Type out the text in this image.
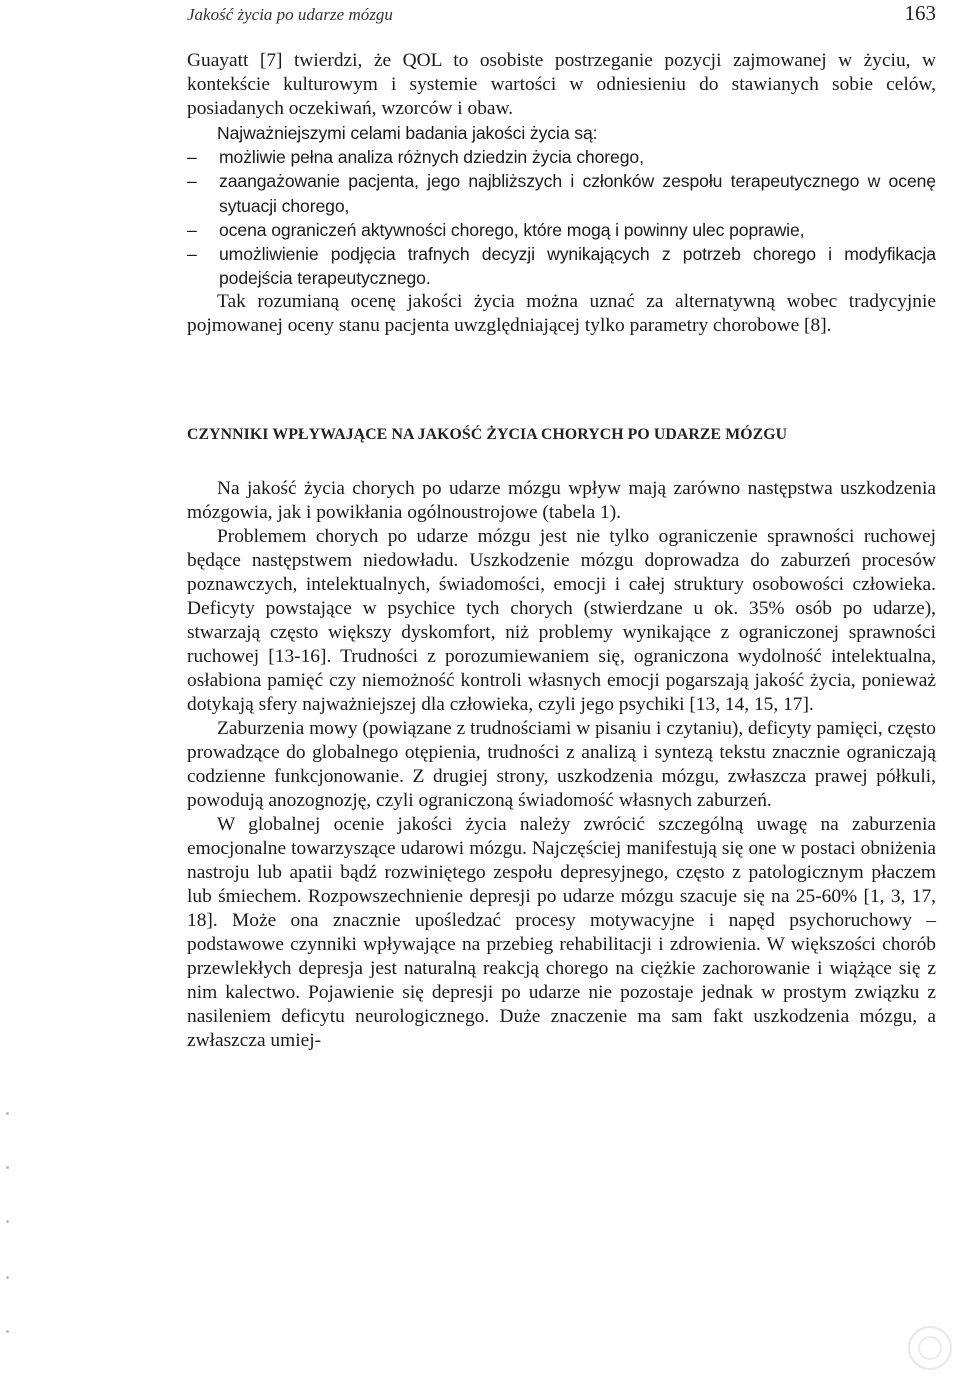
Jakość życia po udarze mózgu	163

Guayatt [7] twierdzi, że QOL to osobiste postrzeganie pozycji zajmowanej w życiu, w kontekście kulturowym i systemie wartości w odniesieniu do stawianych sobie celów, posiadanych oczekiwań, wzorców i obaw.

Najważniejszymi celami badania jakości życia są:

– możliwie pełna analiza różnych dziedzin życia chorego,
– zaangażowanie pacjenta, jego najbliższych i członków zespołu terapeutycznego w ocenę sytuacji chorego,
– ocena ograniczeń aktywności chorego, które mogą i powinny ulec poprawie,
– umożliwienie podjęcia trafnych decyzji wynikających z potrzeb chorego i modyfikacja podejścia terapeutycznego.

Tak rozumianą ocenę jakości życia można uznać za alternatywną wobec tradycyjnie pojmowanej oceny stanu pacjenta uwzględniającej tylko parametry chorobowe [8].

CZYNNIKI WPŁYWAJĄCE NA JAKOŚĆ ŻYCIA CHORYCH PO UDARZE MÓZGU

Na jakość życia chorych po udarze mózgu wpływ mają zarówno następstwa uszkodzenia mózgowia, jak i powikłania ogólnoustrojowe (tabela 1).

Problemem chorych po udarze mózgu jest nie tylko ograniczenie sprawności ruchowej będące następstwem niedowładu. Uszkodzenie mózgu doprowadza do zaburzeń procesów poznawczych, intelektualnych, świadomości, emocji i całej struktury osobowości człowieka. Deficyty powstające w psychice tych chorych (stwierdzane u ok. 35% osób po udarze), stwarzają często większy dyskomfort, niż problemy wynikające z ograniczonej sprawności ruchowej [13-16]. Trudności z porozumiewaniem się, ograniczona wydolność intelektualna, osłabiona pamięć czy niemożność kontroli własnych emocji pogarszają jakość życia, ponieważ dotykają sfery najważniejszej dla człowieka, czyli jego psychiki [13, 14, 15, 17].

Zaburzenia mowy (powiązane z trudnościami w pisaniu i czytaniu), deficyty pamięci, często prowadzące do globalnego otępienia, trudności z analizą i syntezą tekstu znacznie ograniczają codzienne funkcjonowanie. Z drugiej strony, uszkodzenia mózgu, zwłaszcza prawej półkuli, powodują anozognozję, czyli ograniczoną świadomość własnych zaburzeń.

W globalnej ocenie jakości życia należy zwrócić szczególną uwagę na zaburzenia emocjonalne towarzyszące udarowi mózgu. Najczęściej manifestują się one w postaci obniżenia nastroju lub apatii bądź rozwiniętego zespołu depresyjnego, często z patologicznym płaczem lub śmiechem. Rozpowszechnienie depresji po udarze mózgu szacuje się na 25-60% [1, 3, 17, 18]. Może ona znacznie upośledzać procesy motywacyjne i napęd psychoruchowy – podstawowe czynniki wpływające na przebieg rehabilitacji i zdrowienia. W większości chorób przewlekłych depresja jest naturalną reakcją chorego na ciężkie zachorowanie i wiążące się z nim kalectwo. Pojawienie się depresji po udarze nie pozostaje jednak w prostym związku z nasileniem deficytu neurologicznego. Duże znaczenie ma sam fakt uszkodzenia mózgu, a zwłaszcza umiej-
